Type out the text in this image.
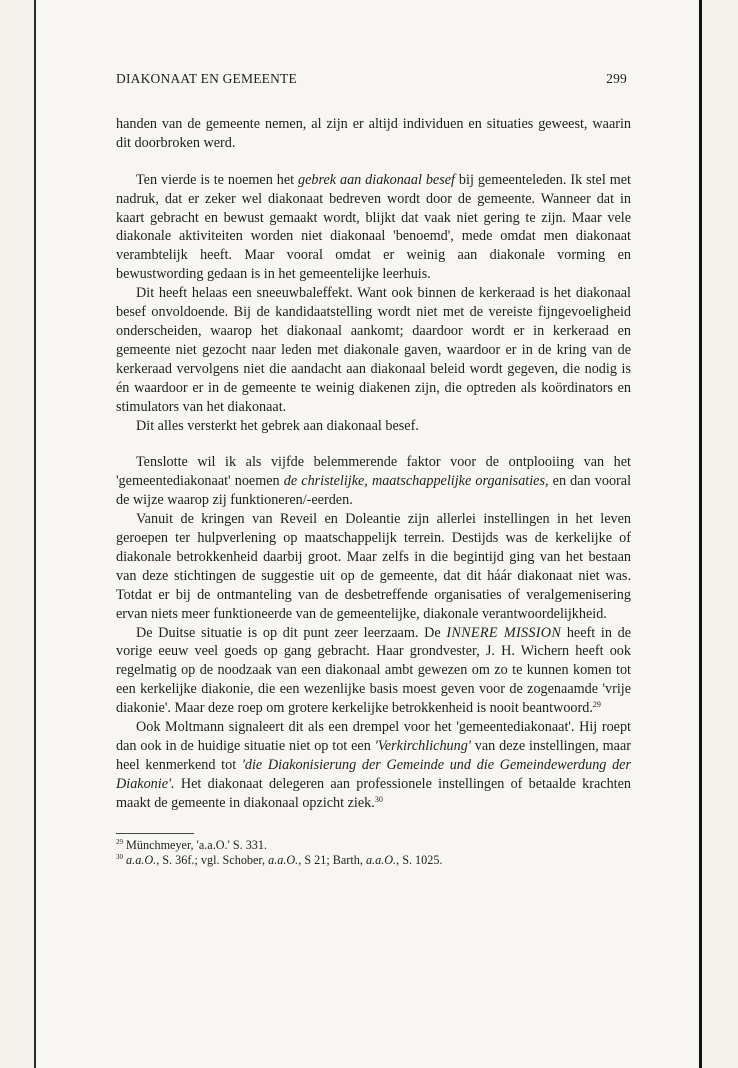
DIAKONAAT EN GEMEENTE	299

handen van de gemeente nemen, al zijn er altijd individuen en situaties geweest, waarin dit doorbroken werd.

Ten vierde is te noemen het gebrek aan diakonaal besef bij gemeenteleden. Ik stel met nadruk, dat er zeker wel diakonaat bedreven wordt door de gemeente. Wanneer dat in kaart gebracht en bewust gemaakt wordt, blijkt dat vaak niet gering te zijn. Maar vele diakonale aktiviteiten worden niet diakonaal 'benoemd', mede omdat men diakonaat verambtelijk heeft. Maar vooral omdat er weinig aan diakonale vorming en bewustwording gedaan is in het gemeentelijke leerhuis.

Dit heeft helaas een sneeuwbaleffekt. Want ook binnen de kerkeraad is het diakonaal besef onvoldoende. Bij de kandidaatstelling wordt niet met de vereiste fijngevoeligheid onderscheiden, waarop het diakonaal aankomt; daardoor wordt er in kerkeraad en gemeente niet gezocht naar leden met diakonale gaven, waardoor er in de kring van de kerkeraad vervolgens niet die aandacht aan diakonaal beleid wordt gegeven, die nodig is én waardoor er in de gemeente te weinig diakenen zijn, die optreden als koördinators en stimulators van het diakonaat.

Dit alles versterkt het gebrek aan diakonaal besef.

Tenslotte wil ik als vijfde belemmerende faktor voor de ontplooiing van het 'gemeentediakonaat' noemen de christelijke, maatschappelijke organisaties, en dan vooral de wijze waarop zij funktioneren/-eerden.

Vanuit de kringen van Reveil en Doleantie zijn allerlei instellingen in het leven geroepen ter hulpverlening op maatschappelijk terrein. Destijds was de kerkelijke of diakonale betrokkenheid daarbij groot. Maar zelfs in die begintijd ging van het bestaan van deze stichtingen de suggestie uit op de gemeente, dat dit háár diakonaat niet was. Totdat er bij de ontmanteling van de desbetreffende organisaties of veralgemenisering ervan niets meer funktioneerde van de gemeentelijke, diakonale verantwoordelijkheid.

De Duitse situatie is op dit punt zeer leerzaam. De INNERE MISSION heeft in de vorige eeuw veel goeds op gang gebracht. Haar grondvester, J. H. Wichern heeft ook regelmatig op de noodzaak van een diakonaal ambt gewezen om zo te kunnen komen tot een kerkelijke diakonie, die een wezenlijke basis moest geven voor de zogenaamde 'vrije diakonie'. Maar deze roep om grotere kerkelijke betrokkenheid is nooit beantwoord.$^{29}$

Ook Moltmann signaleert dit als een drempel voor het 'gemeentediakonaat'. Hij roept dan ook in de huidige situatie niet op tot een 'Verkirchlichung' van deze instellingen, maar heel kenmerkend tot 'die Diakonisierung der Gemeinde und die Gemeindewerdung der Diakonie'. Het diakonaat delegeren aan professionele instellingen of betaalde krachten maakt de gemeente in diakonaal opzicht ziek.$^{30}$

$^{29}$ Münchmeyer, 'a.a.O.' S. 331.

$^{30}$ a.a.O., S. 36f.; vgl. Schober, a.a.O., S 21; Barth, a.a.O., S. 1025.
